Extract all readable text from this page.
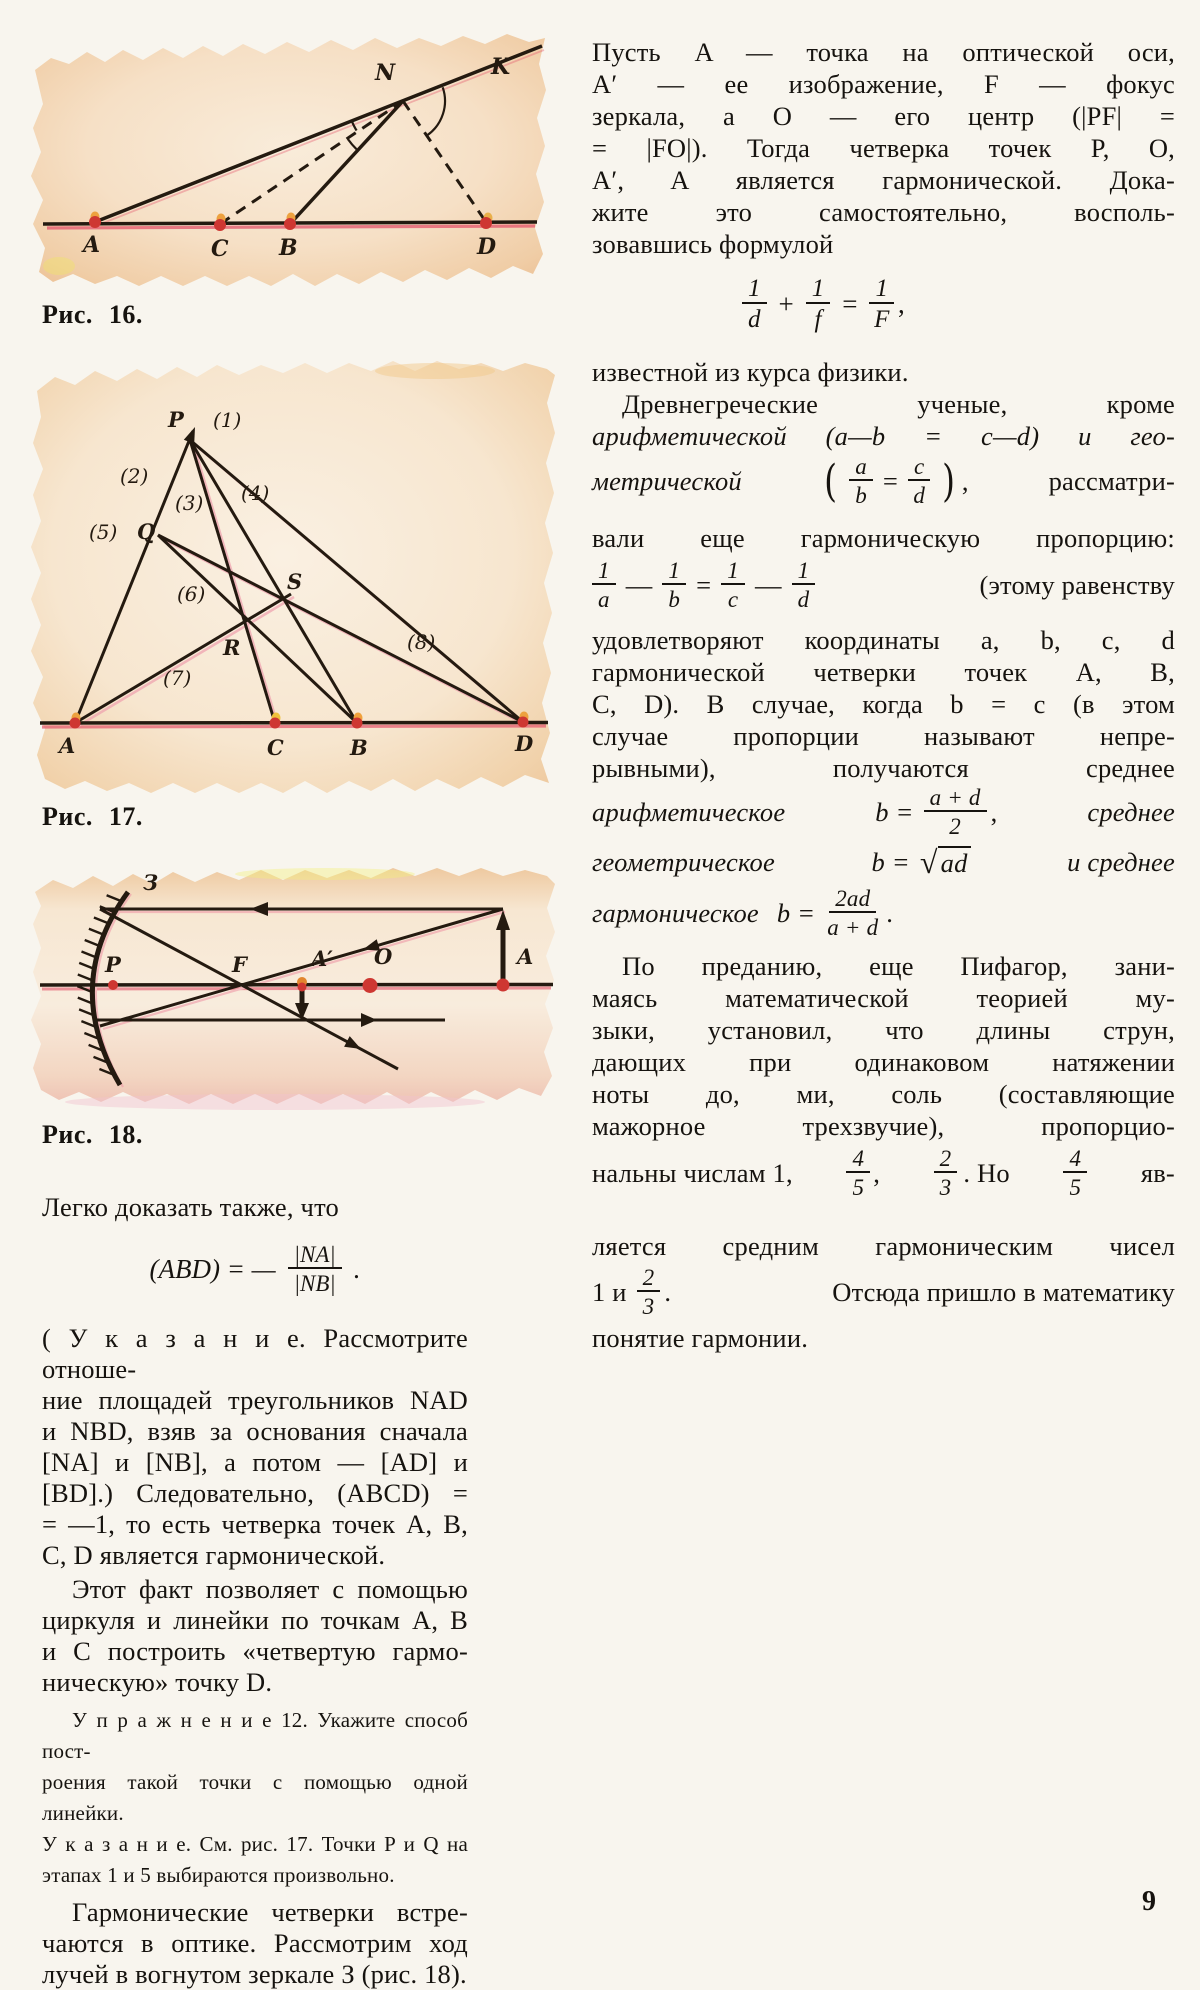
N	K
A	C B	D
Рис. 16.
P (1)
(2)
(3) (4)
(5) Q
(6)	S
R
(7)
(8)
A	C	B	D
Рис. 17.
З
P	F	A′ O	A
Рис. 18.
Легко доказать также, что
(ABD) = — |NA|
|NB| .
( У к а з а н и е. Рассмотрите отноше-
ние площадей треугольников NAD
и NBD, взяв за основания сначала
[NA] и [NB], а потом — [AD] и
[BD].) Следовательно, (ABCD) =
= —1, то есть четверка точек A, B,
C, D является гармонической.
Этот факт позволяет с помощью
циркуля и линейки по точкам A, B
и C построить «четвертую гармо-
ническую» точку D.
У п р а ж н е н и е 12. Укажите способ пост-
роения такой точки с помощью одной линейки.
У к а з а н и е. См. рис. 17. Точки P и Q на
этапах 1 и 5 выбираются произвольно.
Гармонические четверки встре-
чаются в оптике. Рассмотрим ход
лучей в вогнутом зеркале З (рис. 18).
Пусть A — точка на оптической оси,
A′ — ее изображение, F — фокус
зеркала, а O — его центр (|PF| =
= |FO|). Тогда четверка точек P, O,
A′, A является гармонической. Дока-
жите это самостоятельно, восполь-
зовавшись формулой
1
d
+ $\frac{1}{f} = \frac{1}{F}$ ,
известной из курса физики.
Древнегреческие ученые, кроме
арифметической (a—b = c—d) и гео-
метрической ( $\frac{a}{b} = \frac{c}{d}$ ) ,	рассматри-
вали еще гармоническую пропорцию:
1
a — $\frac{1}{b} = \frac{1}{c}$ — 1
d	(этому равенству
удовлетворяют координаты a, b, c, d
гармонической четверки точек A, B,
C, D). В случае, когда b = c (в этом
случае пропорции называют непре-
рывными), получаются среднее
арифметическое	$b = \frac{a + d}{2}$ ,	среднее
геометрическое	b = √ ad	и среднее
гармоническое $b = \frac{2ad}{a + d}$ .
По преданию, еще Пифагор, зани-
маясь математической теорией му-
зыки, установил, что длины струн,
дающих при одинаковом натяжении
ноты до, ми, соль (составляющие
мажорное трехзвучие), пропорцио-
нальны числам 1,	4
5 ,	2
3 . Но	4
5 яв-
ляется средним гармоническим чисел
1 и 2
3 .	Отсюда пришло в математику
понятие гармонии.
9
